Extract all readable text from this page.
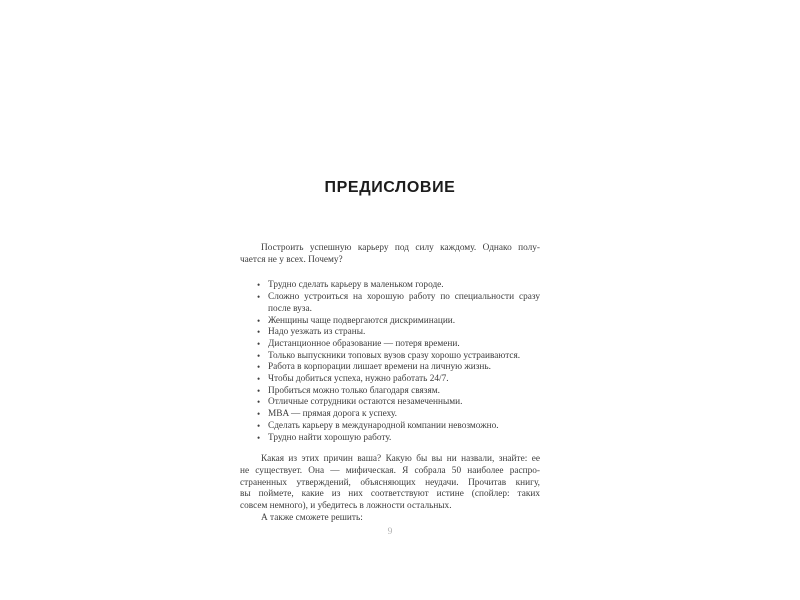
ПРЕДИСЛОВИЕ
Построить успешную карьеру под силу каждому. Однако полу-
чается не у всех. Почему?
• Трудно сделать карьеру в маленьком городе.
• Сложно устроиться на хорошую работу по специальности сразу
после вуза.
• Женщины чаще подвергаются дискриминации.
• Надо уезжать из страны.
• Дистанционное образование — потеря времени.
• Только выпускники топовых вузов сразу хорошо устраиваются.
• Работа в корпорации лишает времени на личную жизнь.
• Чтобы добиться успеха, нужно работать 24/7.
• Пробиться можно только благодаря связям.
• Отличные сотрудники остаются незамеченными.
• MBA — прямая дорога к успеху.
• Сделать карьеру в международной компании невозможно.
• Трудно найти хорошую работу.
Какая из этих причин ваша? Какую бы вы ни назвали, знайте: ее
не существует. Она — мифическая. Я собрала 50 наиболее распро-
страненных утверждений, объясняющих неудачи. Прочитав книгу,
вы поймете, какие из них соответствуют истине (спойлер: таких
совсем немного), и убедитесь в ложности остальных.
А также сможете решить:
9
